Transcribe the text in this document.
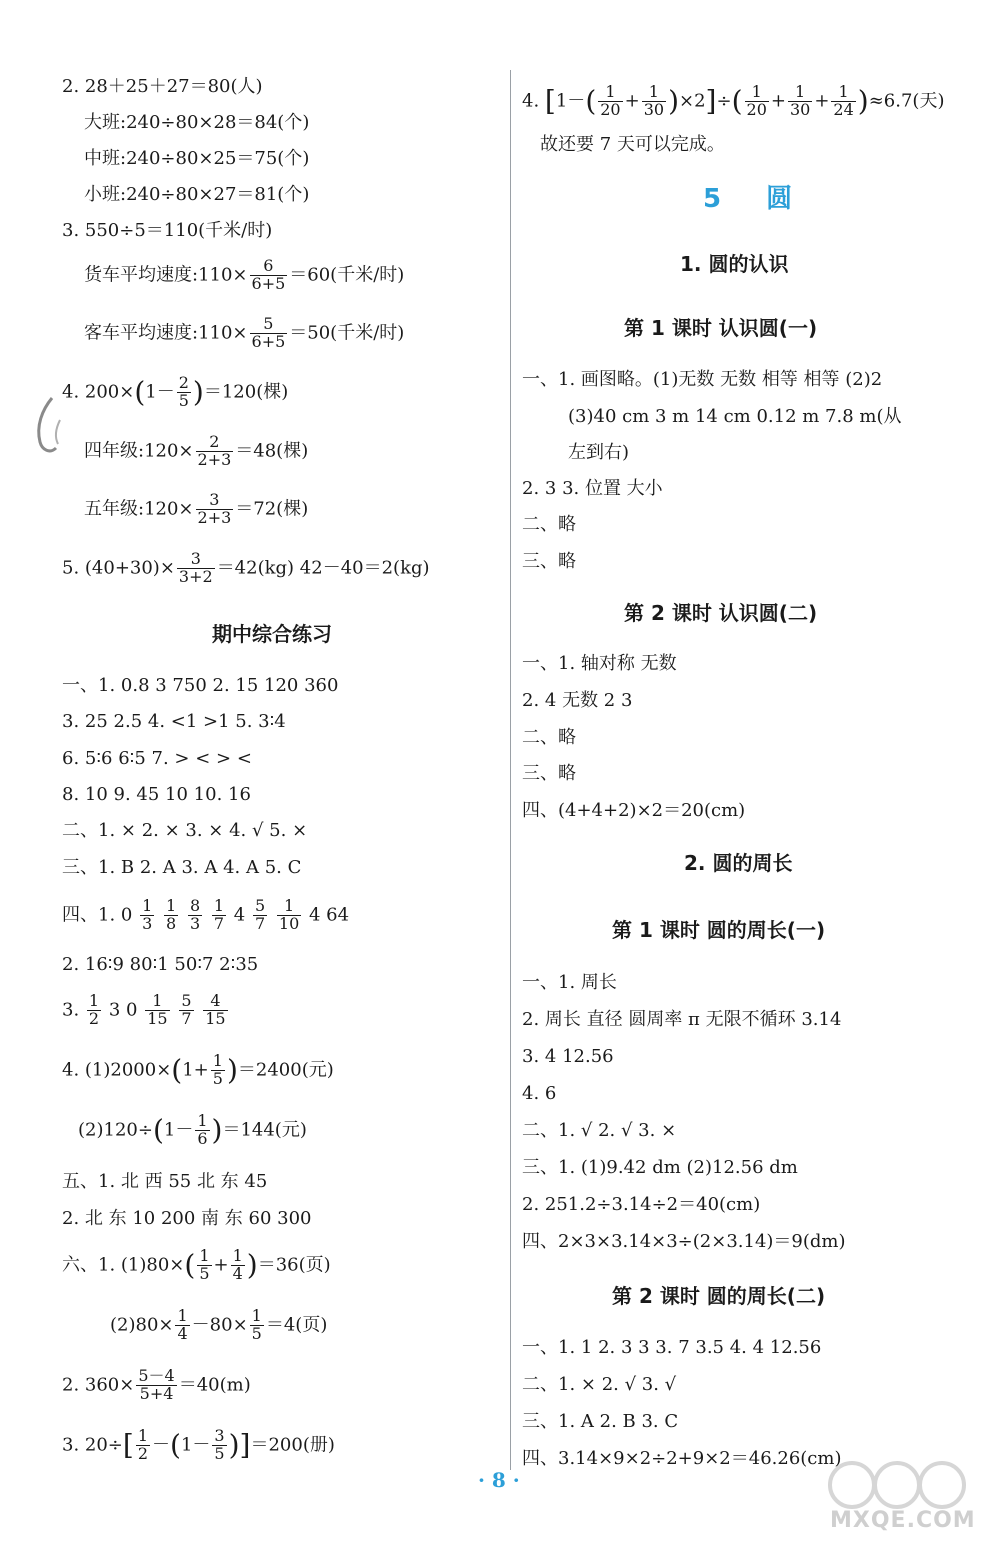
2. 28＋25＋27＝80(人)
大班:240÷80×28＝84(个)
中班:240÷80×25＝75(个)
小班:240÷80×27＝81(个)
3. 550÷5＝110(千米/时)
货车平均速度:110× $\frac{6}{6+5} =60$(千米/时)
客车平均速度:110× $\frac{5}{6+5} =50$(千米/时)
4. $200\times(1- \frac{2}{5} )=120$(棵)
四年级:120× $\frac{2}{2+3} =48$(棵)
五年级:120× $\frac{3}{2+3} =72$(棵)
5. $(40+30)\times \frac{3}{3+2} =42(kg)$ 42－40＝2(kg)
期中综合练习
一、1. 0.8 3 750 2. 15 120 360
3. 25 2.5 4. <1 >1 5. 3∶4
6. 5∶6 6∶5 7. > < > <
8. 10 9. 45 10 10. 16
二、1. × 2. × 3. × 4. √ 5. ×
三、1. B 2. A 3. A 4. A 5. C
四、1. $0 \frac{1}{3}$
$\frac{1}{8}$
$\frac{8}{3}$
$\frac{1}{7} 4 \frac{5}{7}$
$\frac{1}{10} 4$ 64
2. 16∶9 80∶1 50∶7 2∶35
3. $\frac{1}{2} 3$ $0 \frac{1}{15}$
$\frac{5}{7}$
$\frac{4}{15}$
4. $(1)2000\times(1+ \frac{1}{5} )=2400$(元)
$(2)120\div(1- \frac{1}{6} )=144$(元)
五、1. 北 西 55 北 东 45
2. 北 东 10 200 南 东 60 300
六、1. $(1)80\times( \frac{1}{5} + \frac{1}{4} )=36$(页)
$(2)80\times \frac{1}{4} -80\times \frac{1}{5} =4$(页)
2. $360\times \frac{5-4}{5+4} =40(m)$
3. $20\div[ \frac{1}{2} -(1- \frac{3}{5} )]=200$(册)
4. $[1-( \frac{1}{20} + \frac{1}{30} )\times 2]\div( \frac{1}{20} + \frac{1}{30} + \frac{1}{24} )\approx 6.7$(天)
故还要 7 天可以完成。
1. 圆的认识
第 1 课时 认识圆(一)
一、1. 画图略。(1)无数 无数 相等 相等 (2)2
(3)40 cm 3 m 14 cm 0.12 m 7.8 m(从
左到右)
2. 3 3. 位置 大小
二、略
三、略
第 2 课时 认识圆(二)
一、1. 轴对称 无数
2. 4 无数 2 3
二、略
三、略
四、(4+4+2)×2＝20(cm)
2. 圆的周长
第 1 课时 圆的周长(一)
一、1. 周长
2. 周长 直径 圆周率 π 无限不循环 3.14
3. 4 12.56
4. 6
二、1. √ 2. √ 3. ×
三、1. (1)9.42 dm (2)12.56 dm
2. 251.2÷3.14÷2＝40(cm)
四、2×3×3.14×3÷(2×3.14)＝9(dm)
第 2 课时 圆的周长(二)
一、1. 1 2. 3 3 3. 7 3.5 4. 4 12.56
二、1. × 2. √ 3. √
三、1. A 2. B 3. C
四、3.14×9×2÷2+9×2＝46.26(cm)
5 圆
· 8 ·
MXQE.COM
